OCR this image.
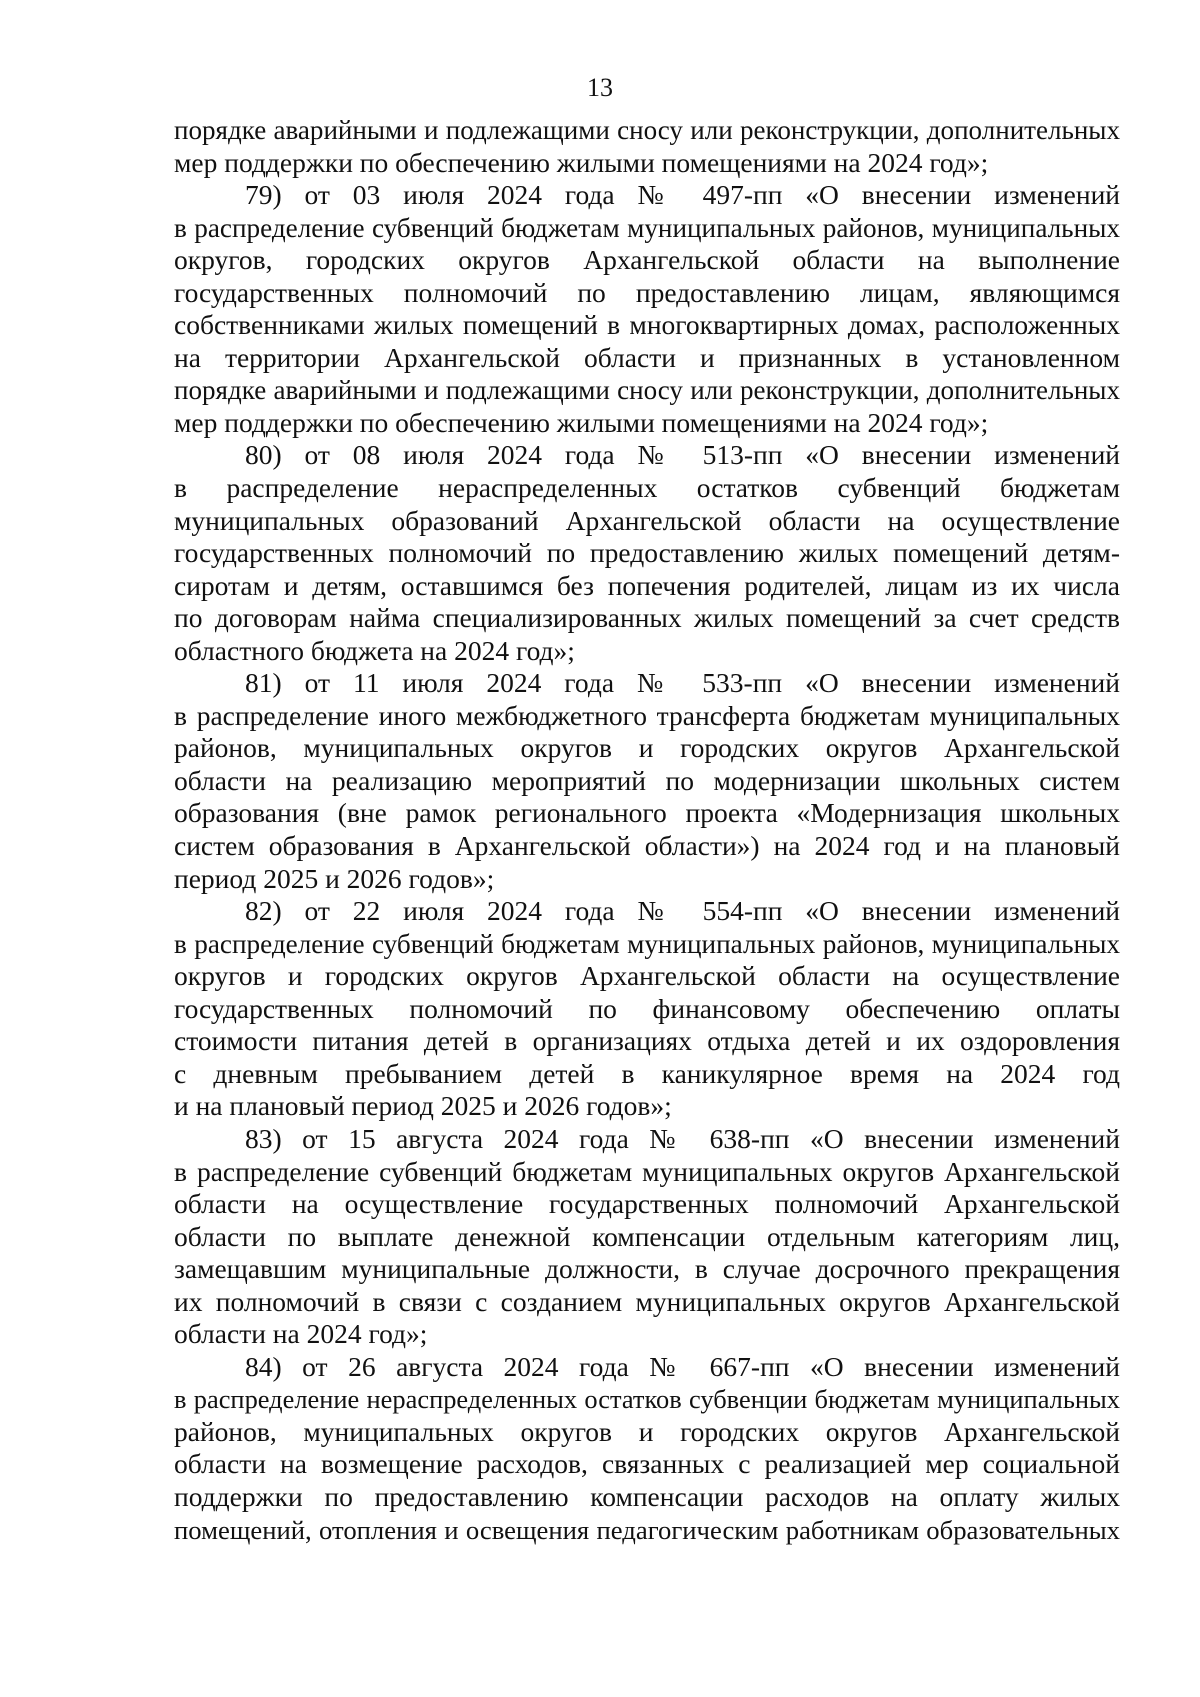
13
порядке аварийными и подлежащими сносу или реконструкции, дополнительных
мер поддержки по обеспечению жилыми помещениями на 2024 год»;
79) от 03 июля 2024 года № 497-пп «О внесении изменений
в распределение субвенций бюджетам муниципальных районов, муниципальных
округов, городских округов Архангельской области на выполнение
государственных полномочий по предоставлению лицам, являющимся
собственниками жилых помещений в многоквартирных домах, расположенных
на территории Архангельской области и признанных в установленном
порядке аварийными и подлежащими сносу или реконструкции, дополнительных
мер поддержки по обеспечению жилыми помещениями на 2024 год»;
80) от 08 июля 2024 года № 513-пп «О внесении изменений
в распределение нераспределенных остатков субвенций бюджетам
муниципальных образований Архангельской области на осуществление
государственных полномочий по предоставлению жилых помещений детям-
сиротам и детям, оставшимся без попечения родителей, лицам из их числа
по договорам найма специализированных жилых помещений за счет средств
областного бюджета на 2024 год»;
81) от 11 июля 2024 года № 533-пп «О внесении изменений
в распределение иного межбюджетного трансферта бюджетам муниципальных
районов, муниципальных округов и городских округов Архангельской
области на реализацию мероприятий по модернизации школьных систем
образования (вне рамок регионального проекта «Модернизация школьных
систем образования в Архангельской области») на 2024 год и на плановый
период 2025 и 2026 годов»;
82) от 22 июля 2024 года № 554-пп «О внесении изменений
в распределение субвенций бюджетам муниципальных районов, муниципальных
округов и городских округов Архангельской области на осуществление
государственных полномочий по финансовому обеспечению оплаты
стоимости питания детей в организациях отдыха детей и их оздоровления
с дневным пребыванием детей в каникулярное время на 2024 год
и на плановый период 2025 и 2026 годов»;
83) от 15 августа 2024 года № 638-пп «О внесении изменений
в распределение субвенций бюджетам муниципальных округов Архангельской
области на осуществление государственных полномочий Архангельской
области по выплате денежной компенсации отдельным категориям лиц,
замещавшим муниципальные должности, в случае досрочного прекращения
их полномочий в связи с созданием муниципальных округов Архангельской
области на 2024 год»;
84) от 26 августа 2024 года № 667-пп «О внесении изменений
в распределение нераспределенных остатков субвенции бюджетам муниципальных
районов, муниципальных округов и городских округов Архангельской
области на возмещение расходов, связанных с реализацией мер социальной
поддержки по предоставлению компенсации расходов на оплату жилых
помещений, отопления и освещения педагогическим работникам образовательных
